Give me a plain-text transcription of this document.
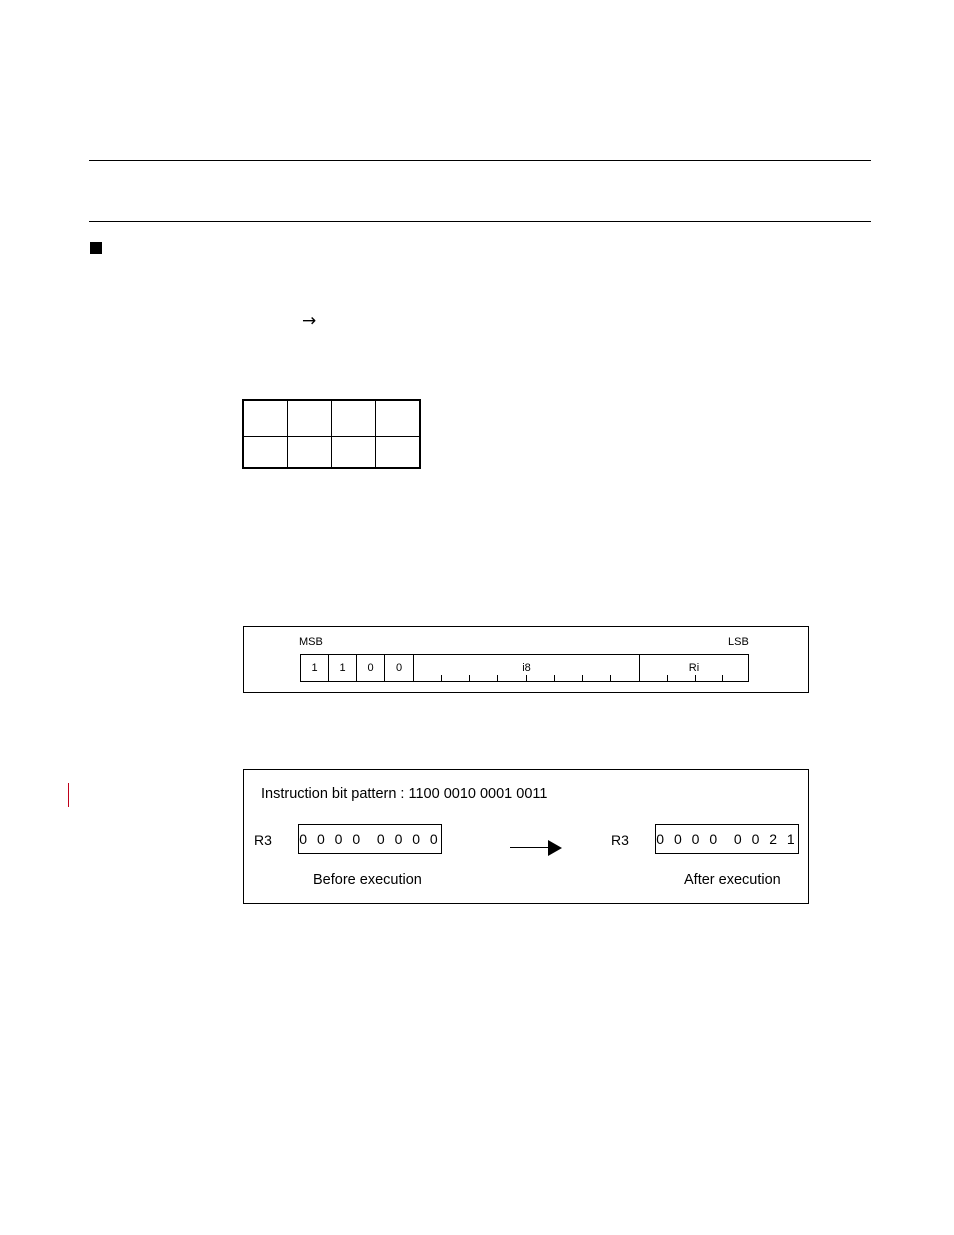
→

MSB	LSB
1	1	0	0	i8	Ri
Instruction bit pattern : 1100 0010 0001 0011
R3 0 0 0 0  0 0 0 0
Before execution
R3 0 0 0 0  0 0 2 1
After execution
